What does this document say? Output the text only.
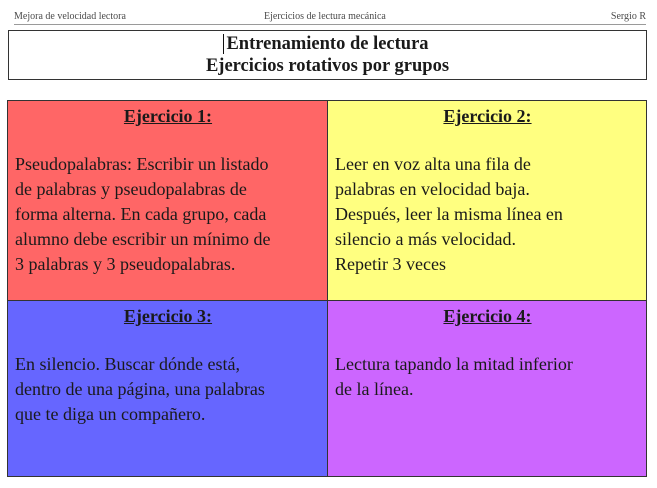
Mejora de velocidad lectora	Ejercicios de lectura mecánica	Sergio R
Entrenamiento de lectura
Ejercicios rotativos por grupos
Ejercicio 1:
Pseudopalabras: Escribir un listado
de palabras y pseudopalabras de
forma alterna. En cada grupo, cada
alumno debe escribir un mínimo de
3 palabras y 3 pseudopalabras.
Ejercicio 2:
Leer en voz alta una fila de
palabras en velocidad baja.
Después, leer la misma línea en
silencio a más velocidad.
Repetir 3 veces
Ejercicio 3:
En silencio. Buscar dónde está,
dentro de una página, una palabras
que te diga un compañero.
Ejercicio 4:
Lectura tapando la mitad inferior
de la línea.
